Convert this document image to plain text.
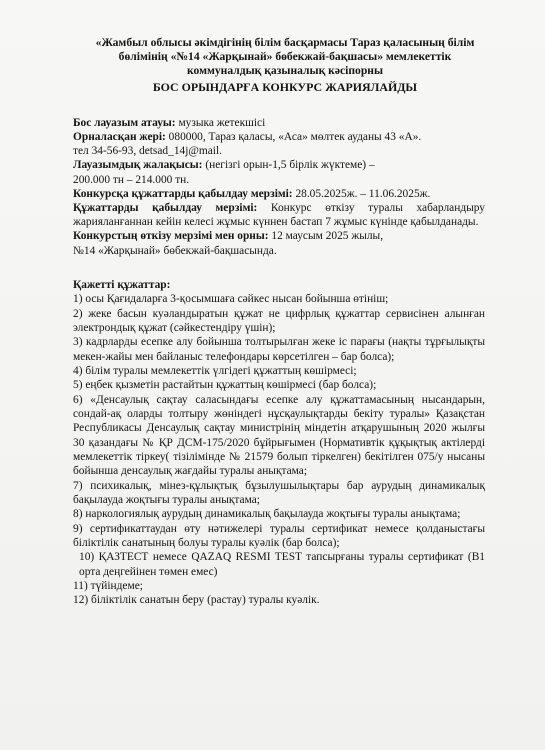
«Жамбыл облысы әкімдігінің білім басқармасы Тараз қаласының білім
бөлімінің «№14 «Жарқынай» бөбекжай-бақшасы» мемлекеттік
коммуналдық қазыналық кәсіпорны
БОС ОРЫНДАРҒА КОНКУРС ЖАРИЯЛАЙДЫ

Бос лауазым атауы: музыка жетекшісі

Орналасқан жері: 080000, Тараз қаласы, «Аса» мөлтек ауданы 43 «А».

тел 34-56-93, detsad_14j@mail.

Лауазымдық жалақысы: (негізгі орын-1,5 бірлік жүктеме) –

200.000 тн – 214.000 тн.

Конкурсқа құжаттарды қабылдау мерзімі: 28.05.2025ж. – 11.06.2025ж.

Құжаттарды қабылдау мерзімі: Конкурс өткізу туралы хабарландыру жарияланғаннан кейін келесі жұмыс күннен бастап 7 жұмыс күнінде қабылданады.

Конкурстың өткізу мерзімі мен орны: 12 маусым 2025 жылы,

№14 «Жарқынай» бөбекжай-бақшасында.

Қажетті құжаттар:

1) осы Қағидаларға 3-қосымшаға сәйкес нысан бойынша өтініш;
2) жеке басын куәландыратын құжат не цифрлық құжаттар сервисінен алынған электрондық құжат (сәйкестендіру үшін);
3) кадрларды есепке алу бойынша толтырылған жеке іс парағы (нақты тұрғылықты мекен-жайы мен байланыс телефондары көрсетілген – бар болса);
4) білім туралы мемлекеттік үлгідегі құжаттың көшірмесі;
5) еңбек қызметін растайтын құжаттың көшірмесі (бар болса);
6) «Денсаулық сақтау саласындағы есепке алу құжаттамасының нысандарын, сондай-ақ оларды толтыру жөніндегі нұсқаулықтарды бекіту туралы» Қазақстан Республикасы Денсаулық сақтау министрінің міндетін атқарушының 2020 жылғы 30 қазандағы № ҚР ДСМ-175/2020 бұйрығымен (Нормативтік құқықтық актілерді мемлекеттік тіркеу( тізілімінде № 21579 болып тіркелген) бекітілген 075/у нысаны бойынша денсаулық жағдайы туралы анықтама;
7) психикалық, мінез-құлықтық бұзылушылықтары бар аурудың динамикалық бақылауда жоқтығы туралы анықтама;
8) наркологиялық аурудың динамикалық бақылауда жоқтығы туралы анықтама;
9) сертификаттаудан өту нәтижелері туралы сертификат немесе қолданыстағы біліктілік санатының болуы туралы куәлік (бар болса);
10) ҚАЗТЕСТ немесе QAZAQ RESMI TEST тапсырғаны туралы сертификат (В1 орта деңгейінен төмен емес)
11) түйіндеме;
12) біліктілік санатын беру (растау) туралы куәлік.
